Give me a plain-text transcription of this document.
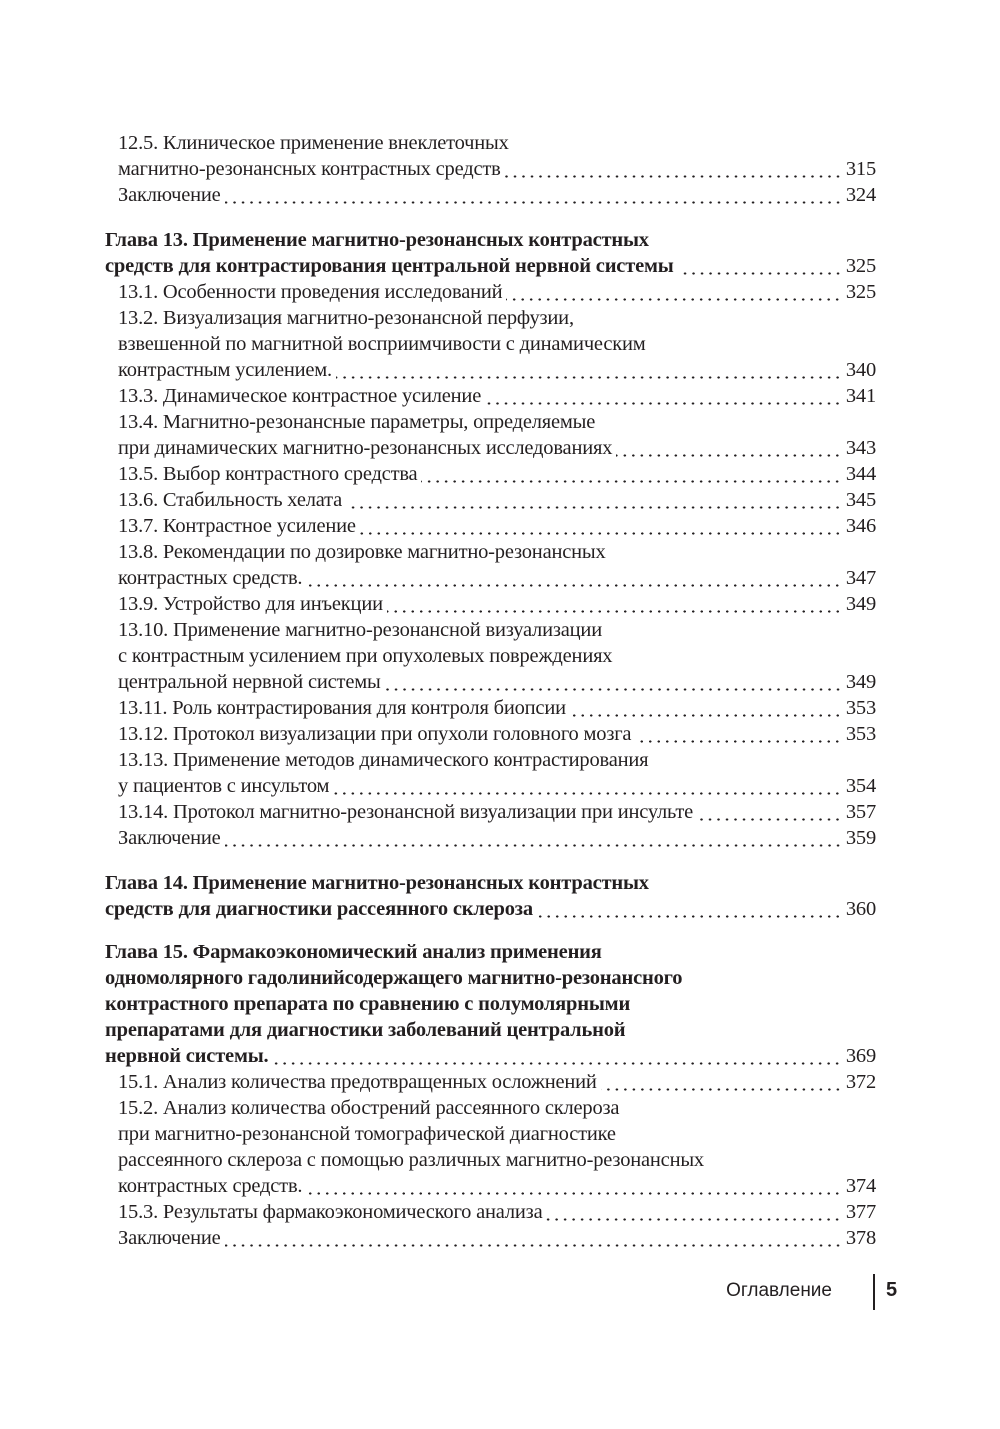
12.5. Клиническое применение внеклеточных
магнитно-резонансных контрастных средств	315
Заключение	324
Глава 13. Применение магнитно-резонансных контрастных
средств для контрастирования центральной нервной системы	325
13.1. Особенности проведения исследований	325
13.2. Визуализация магнитно-резонансной перфузии,
взвешенной по магнитной восприимчивости с динамическим
контрастным усилением.	340
13.3. Динамическое контрастное усиление	341
13.4. Магнитно-резонансные параметры, определяемые
при динамических магнитно-резонансных исследованиях	343
13.5. Выбор контрастного средства	344
13.6. Стабильность хелата	345
13.7. Контрастное усиление	346
13.8. Рекомендации по дозировке магнитно-резонансных
контрастных средств.	347
13.9. Устройство для инъекции	349
13.10. Применение магнитно-резонансной визуализации
с контрастным усилением при опухолевых повреждениях
центральной нервной системы	349
13.11. Роль контрастирования для контроля биопсии	353
13.12. Протокол визуализации при опухоли головного мозга	353
13.13. Применение методов динамического контрастирования
у пациентов с инсультом	354
13.14. Протокол магнитно-резонансной визуализации при инсульте	357
Заключение	359
Глава 14. Применение магнитно-резонансных контрастных
средств для диагностики рассеянного склероза	360
Глава 15. Фармакоэкономический анализ применения
одномолярного гадолинийсодержащего магнитно-резонансного
контрастного препарата по сравнению с полумолярными
препаратами для диагностики заболеваний центральной
нервной системы.	369
15.1. Анализ количества предотвращенных осложнений	372
15.2. Анализ количества обострений рассеянного склероза
при магнитно-резонансной томографической диагностике
рассеянного склероза с помощью различных магнитно-резонансных
контрастных средств.	374
15.3. Результаты фармакоэкономического анализа	377
Заключение	378
Оглавление	5
